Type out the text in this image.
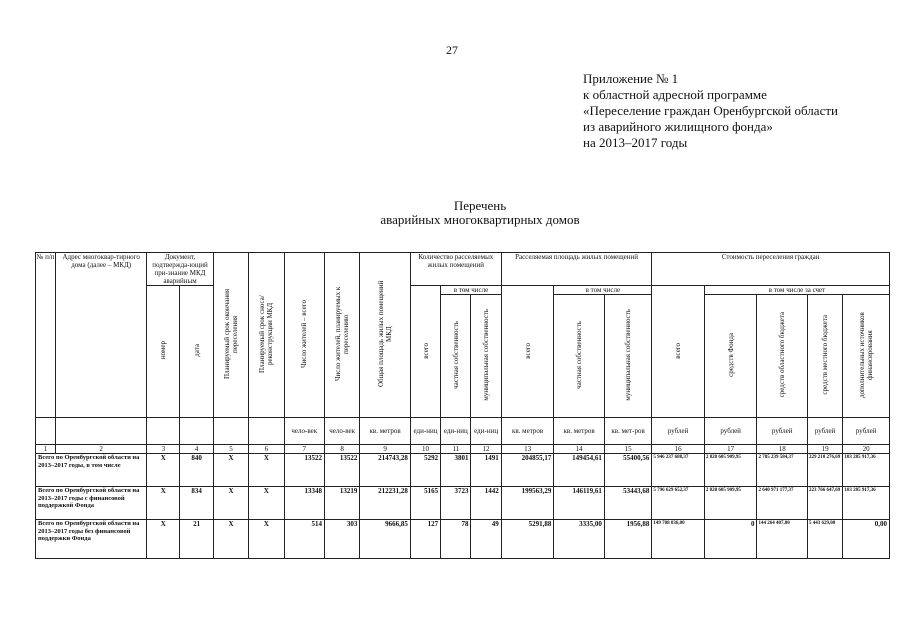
27
Приложение № 1
к областной адресной программе
«Переселение граждан Оренбургской области
из аварийного жилищного фонда»
на 2013–2017 годы
Перечень
аварийных многоквартирных домов
№ п/п	Адрес многоквар-тирного дома (далее – МКД)	Документ, подтвержда-ющий при-знание МКД аварийным		Планируемый срок окончания переселения	Планируемый срок сноса/реконструкции МКД	Число жителей – всего	Число жителей, планируемых к переселению	Общая площадь жилых помещений МКД	Количество расселяемых жилых помещений			Расселяемая площадь жилых помещений			Стоимость переселения граждан				
		номер	дата						всего	в том числе		всего	в том числе		всего	в том числе за счет			
										частная собственность	муниципальная собственность		частная собственность	муниципальная собственность		средств Фонда	средств областного бюджета	средств местного бюджета	дополнительных источников финансирования
						чело-век	чело-век	кв. метров	еди-ниц	еди-ниц	еди-ниц	кв. метров	кв. метров	кв. мет-ров	рублей	рублей	рублей	рублей	рублей
1	2	3	4	5	6	7	8	9	10	11	12	13	14	15	16	17	18	19	20
Всего по Оренбургской области на 2013–2017 годы, в том числе		X	840	X	X	13522	13522	214743,28	5292	3801	1491	204855,17	149454,61	55400,56	5 946 237 688,37	2 828 605 909,95	2 785 239 584,37	229 210 276,69	103 285 917,36
Всего по Оренбургской области на 2013–2017 годы с финансовой поддержкой Фонда		X	834	X	X	13348	13219	212231,28	5165	3723	1442	199563,29	146119,61	53443,68	5 796 629 652,37	2 828 605 909,95	2 640 971 177,37	223 766 647,69	103 285 917,36
Всего по Оренбургской области на 2013–2017 годы без финансовой поддержки Фонда		X	21	X	X	514	303	9666,85	127	78	49	5291,88	3335,00	1956,88	149 708 036,00	0	144 264 407,00	5 443 629,00	0,00
